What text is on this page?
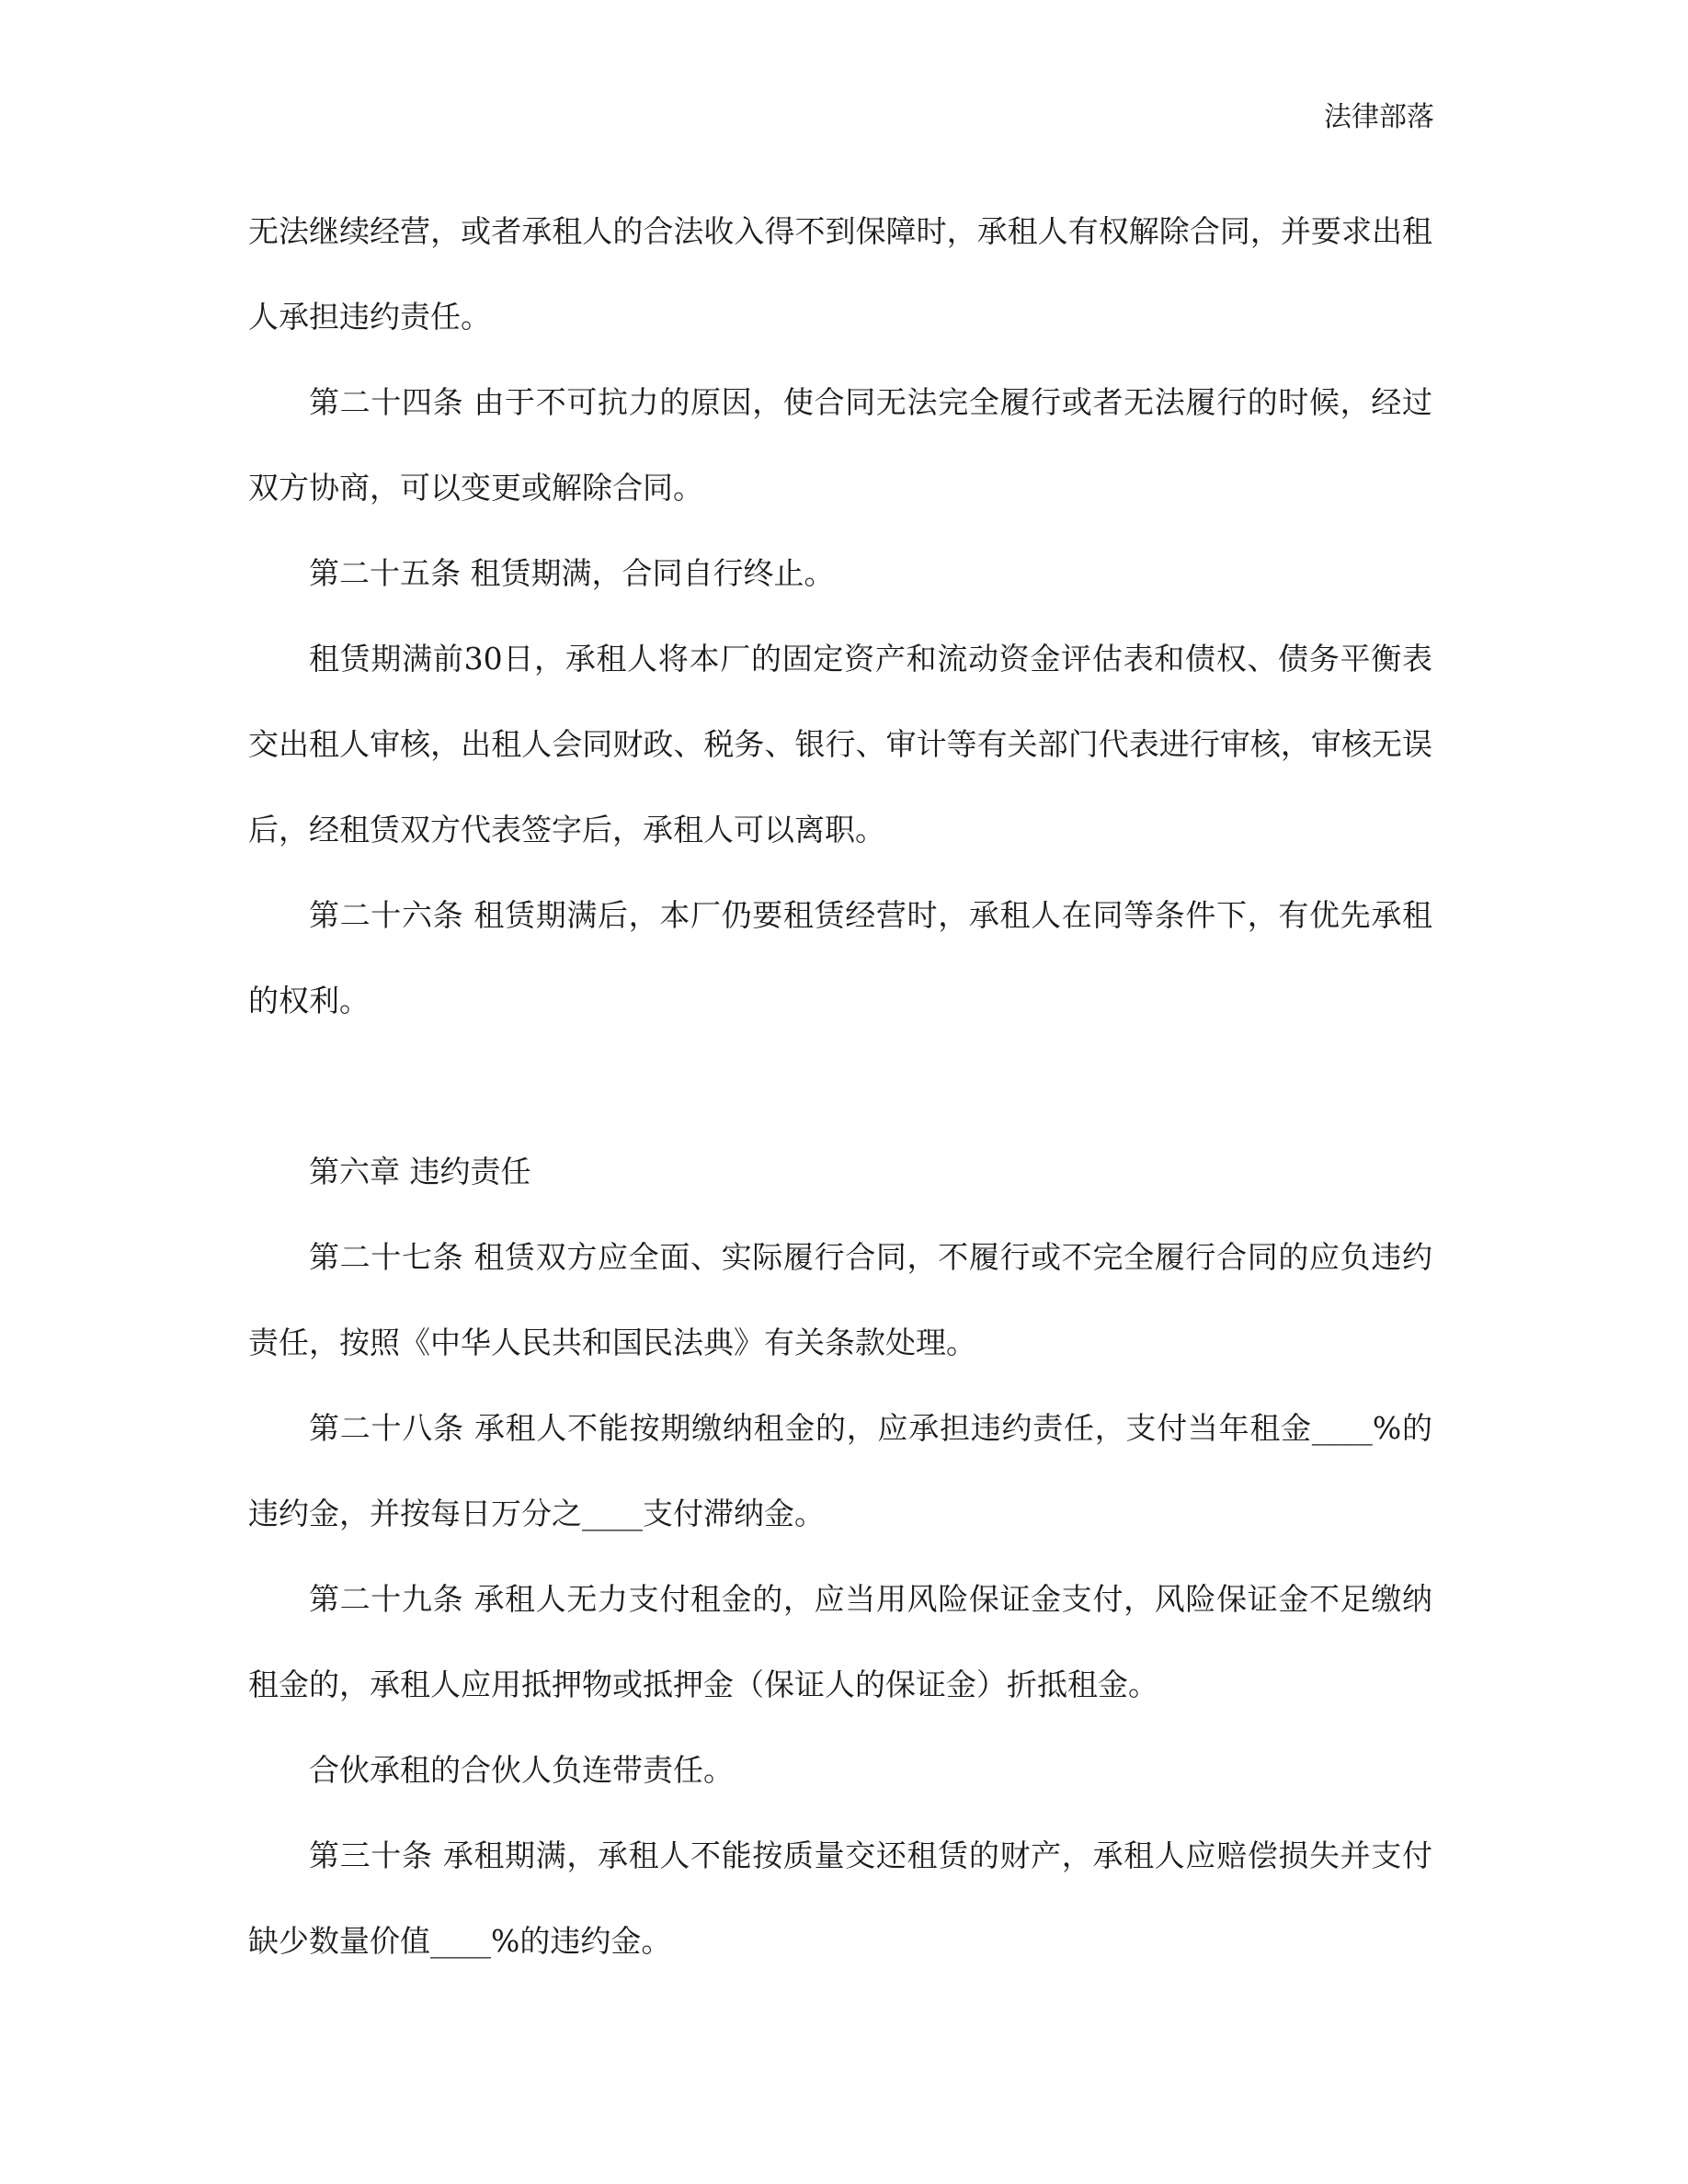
法律部落

无法继续经营，或者承租人的合法收入得不到保障时，承租人有权解除合同，并要求出租人承担违约责任。

第二十四条 由于不可抗力的原因，使合同无法完全履行或者无法履行的时候，经过双方协商，可以变更或解除合同。

第二十五条 租赁期满，合同自行终止。

租赁期满前30日，承租人将本厂的固定资产和流动资金评估表和债权、债务平衡表交出租人审核，出租人会同财政、税务、银行、审计等有关部门代表进行审核，审核无误后，经租赁双方代表签字后，承租人可以离职。

第二十六条 租赁期满后，本厂仍要租赁经营时，承租人在同等条件下，有优先承租的权利。

第六章 违约责任

第二十七条 租赁双方应全面、实际履行合同，不履行或不完全履行合同的应负违约责任，按照《中华人民共和国民法典》有关条款处理。

第二十八条 承租人不能按期缴纳租金的，应承担违约责任，支付当年租金____%的违约金，并按每日万分之____支付滞纳金。

第二十九条 承租人无力支付租金的，应当用风险保证金支付，风险保证金不足缴纳租金的，承租人应用抵押物或抵押金（保证人的保证金）折抵租金。

合伙承租的合伙人负连带责任。

第三十条 承租期满，承租人不能按质量交还租赁的财产，承租人应赔偿损失并支付缺少数量价值____%的违约金。
